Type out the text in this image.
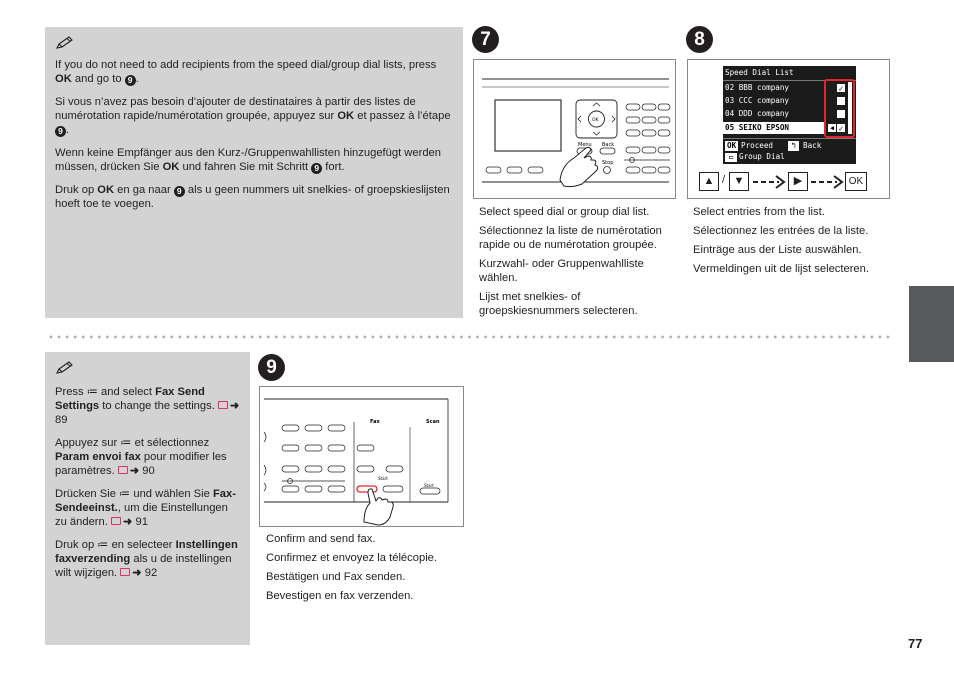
If you do not need to add recipients from the speed dial/group dial lists, press OK and go to 9 .

Si vous n’avez pas besoin d’ajouter de destinataires à partir des listes de numérotation rapide/numérotation groupée, appuyez sur OK et passez à l’étape 9 .

Wenn keine Empfänger aus den Kurz-/Gruppenwahllisten hinzugefügt werden müssen, drücken Sie OK und fahren Sie mit Schritt 9 fort.

Druk op OK en ga naar 9 als u geen nummers uit snelkies- of groepskieslijsten hoeft toe te voegen.

7
OK
Menu Back
Stop

Select speed dial or group dial list.

Sélectionnez la liste de numérotation rapide ou de numérotation groupée.

Kurzwahl- oder Gruppenwahlliste wählen.

Lijst met snelkies- of groepskiesnummers selecteren.

8
Speed Dial List
02 BBB company
03 CCC company
04 DDD company
05 SEIKO EPSON
✓
✓
◀
OK Proceed	↰ Back
≔ Group Dial
▲ / ▼	▶	OK

Select entries from the list.

Sélectionnez les entrées de la liste.

Einträge aus der Liste auswählen.

Vermeldingen uit de lijst selecteren.

Press ≔ and select Fax Send Settings to change the settings. ➜ 89

Appuyez sur ≔ et sélectionnez Param envoi fax pour modifier les paramètres. ➜ 90

Drücken Sie ≔ und wählen Sie Fax-Sendeeinst., um die Einstellungen zu ändern. ➜ 91

Druk op ≔ en selecteer Instellingen faxverzending als u de instellingen wilt wijzigen. ➜ 92

9
Fax	Scan
Start
Start

Confirm and send fax.

Confirmez et envoyez la télécopie.

Bestätigen und Fax senden.

Bevestigen en fax verzenden.

77
